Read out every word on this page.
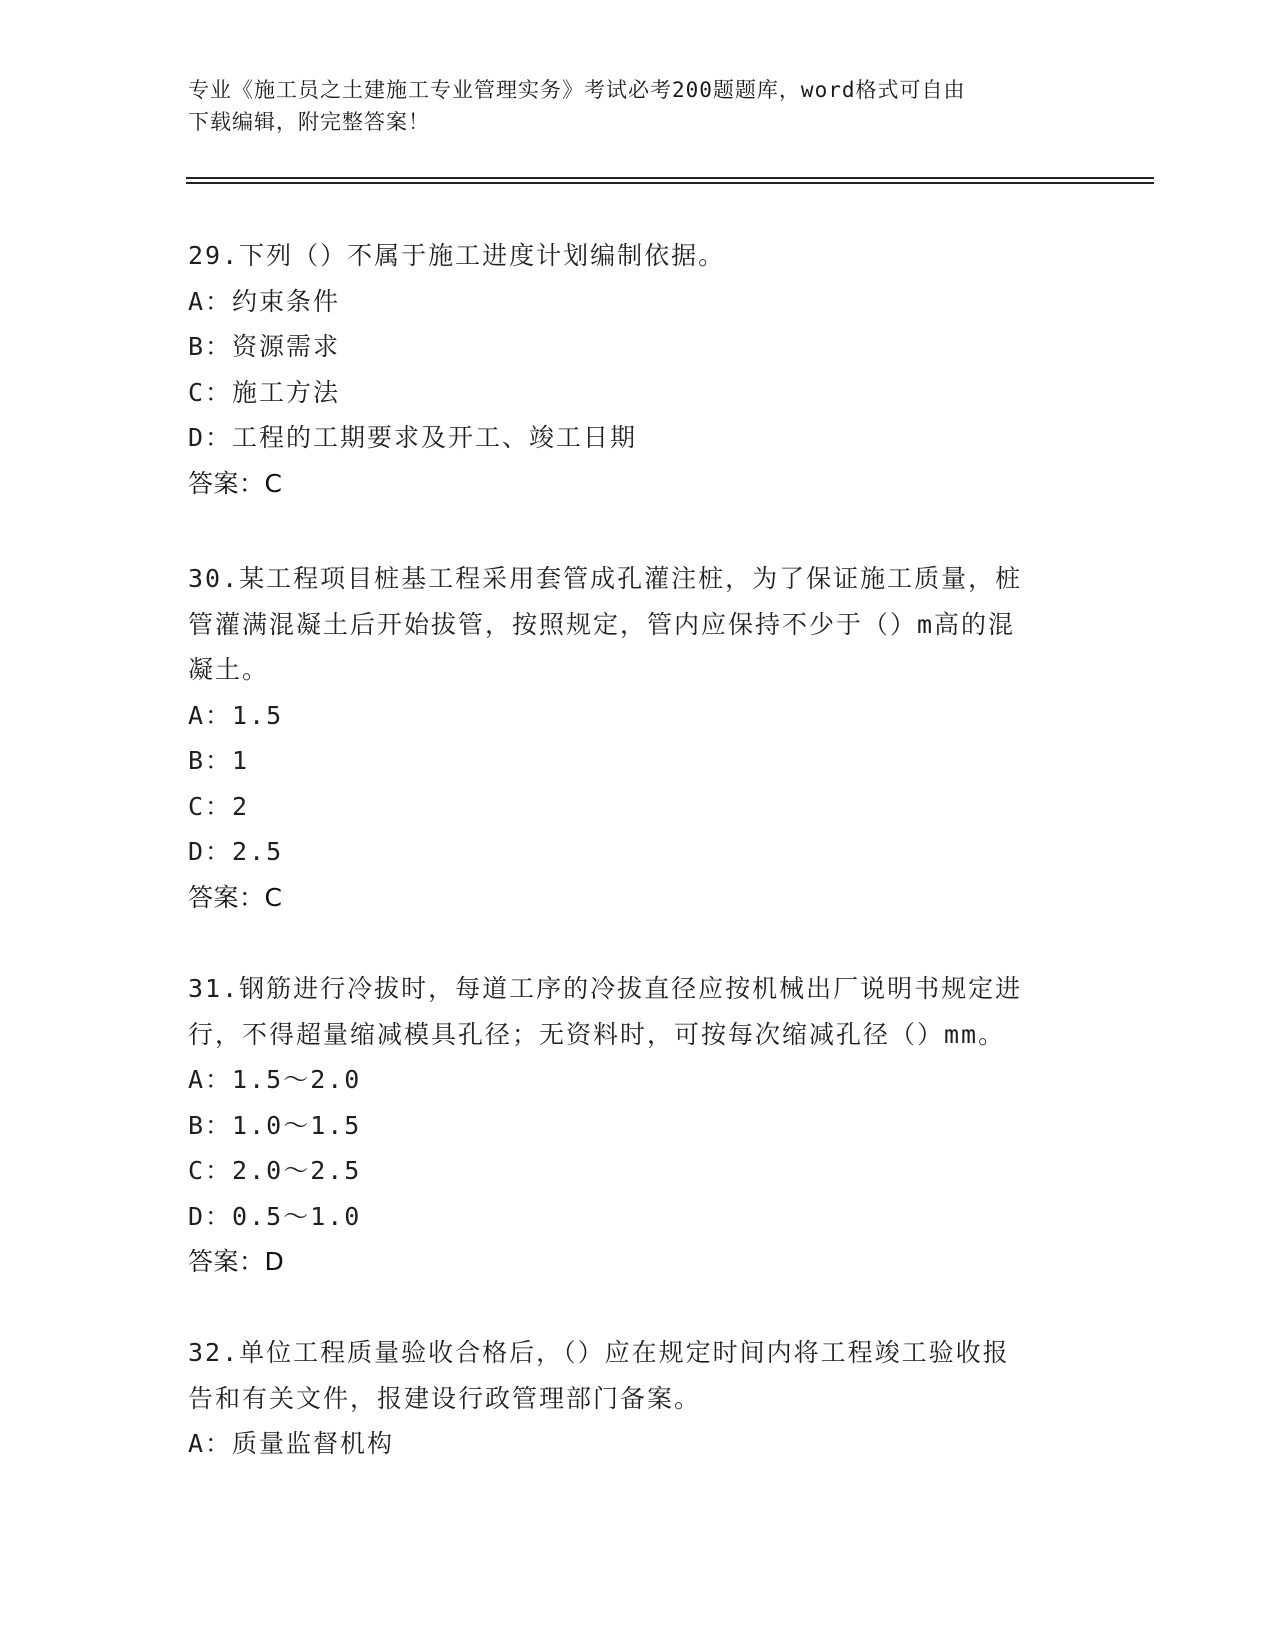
专业《施工员之土建施工专业管理实务》考试必考200题题库，word格式可自由
下载编辑，附完整答案！
29.下列（）不属于施工进度计划编制依据。
A：约束条件
B：资源需求
C：施工方法
D：工程的工期要求及开工、竣工日期
答案：C
30.某工程项目桩基工程采用套管成孔灌注桩，为了保证施工质量，桩
管灌满混凝土后开始拔管，按照规定，管内应保持不少于（）m高的混
凝土。
A：1.5
B：1
C：2
D：2.5
答案：C
31.钢筋进行冷拔时，每道工序的冷拔直径应按机械出厂说明书规定进
行，不得超量缩减模具孔径；无资料时，可按每次缩减孔径（）mm。
A：1.5～2.0
B：1.0～1.5
C：2.0～2.5
D：0.5～1.0
答案：D
32.单位工程质量验收合格后，（）应在规定时间内将工程竣工验收报
告和有关文件，报建设行政管理部门备案。
A：质量监督机构
